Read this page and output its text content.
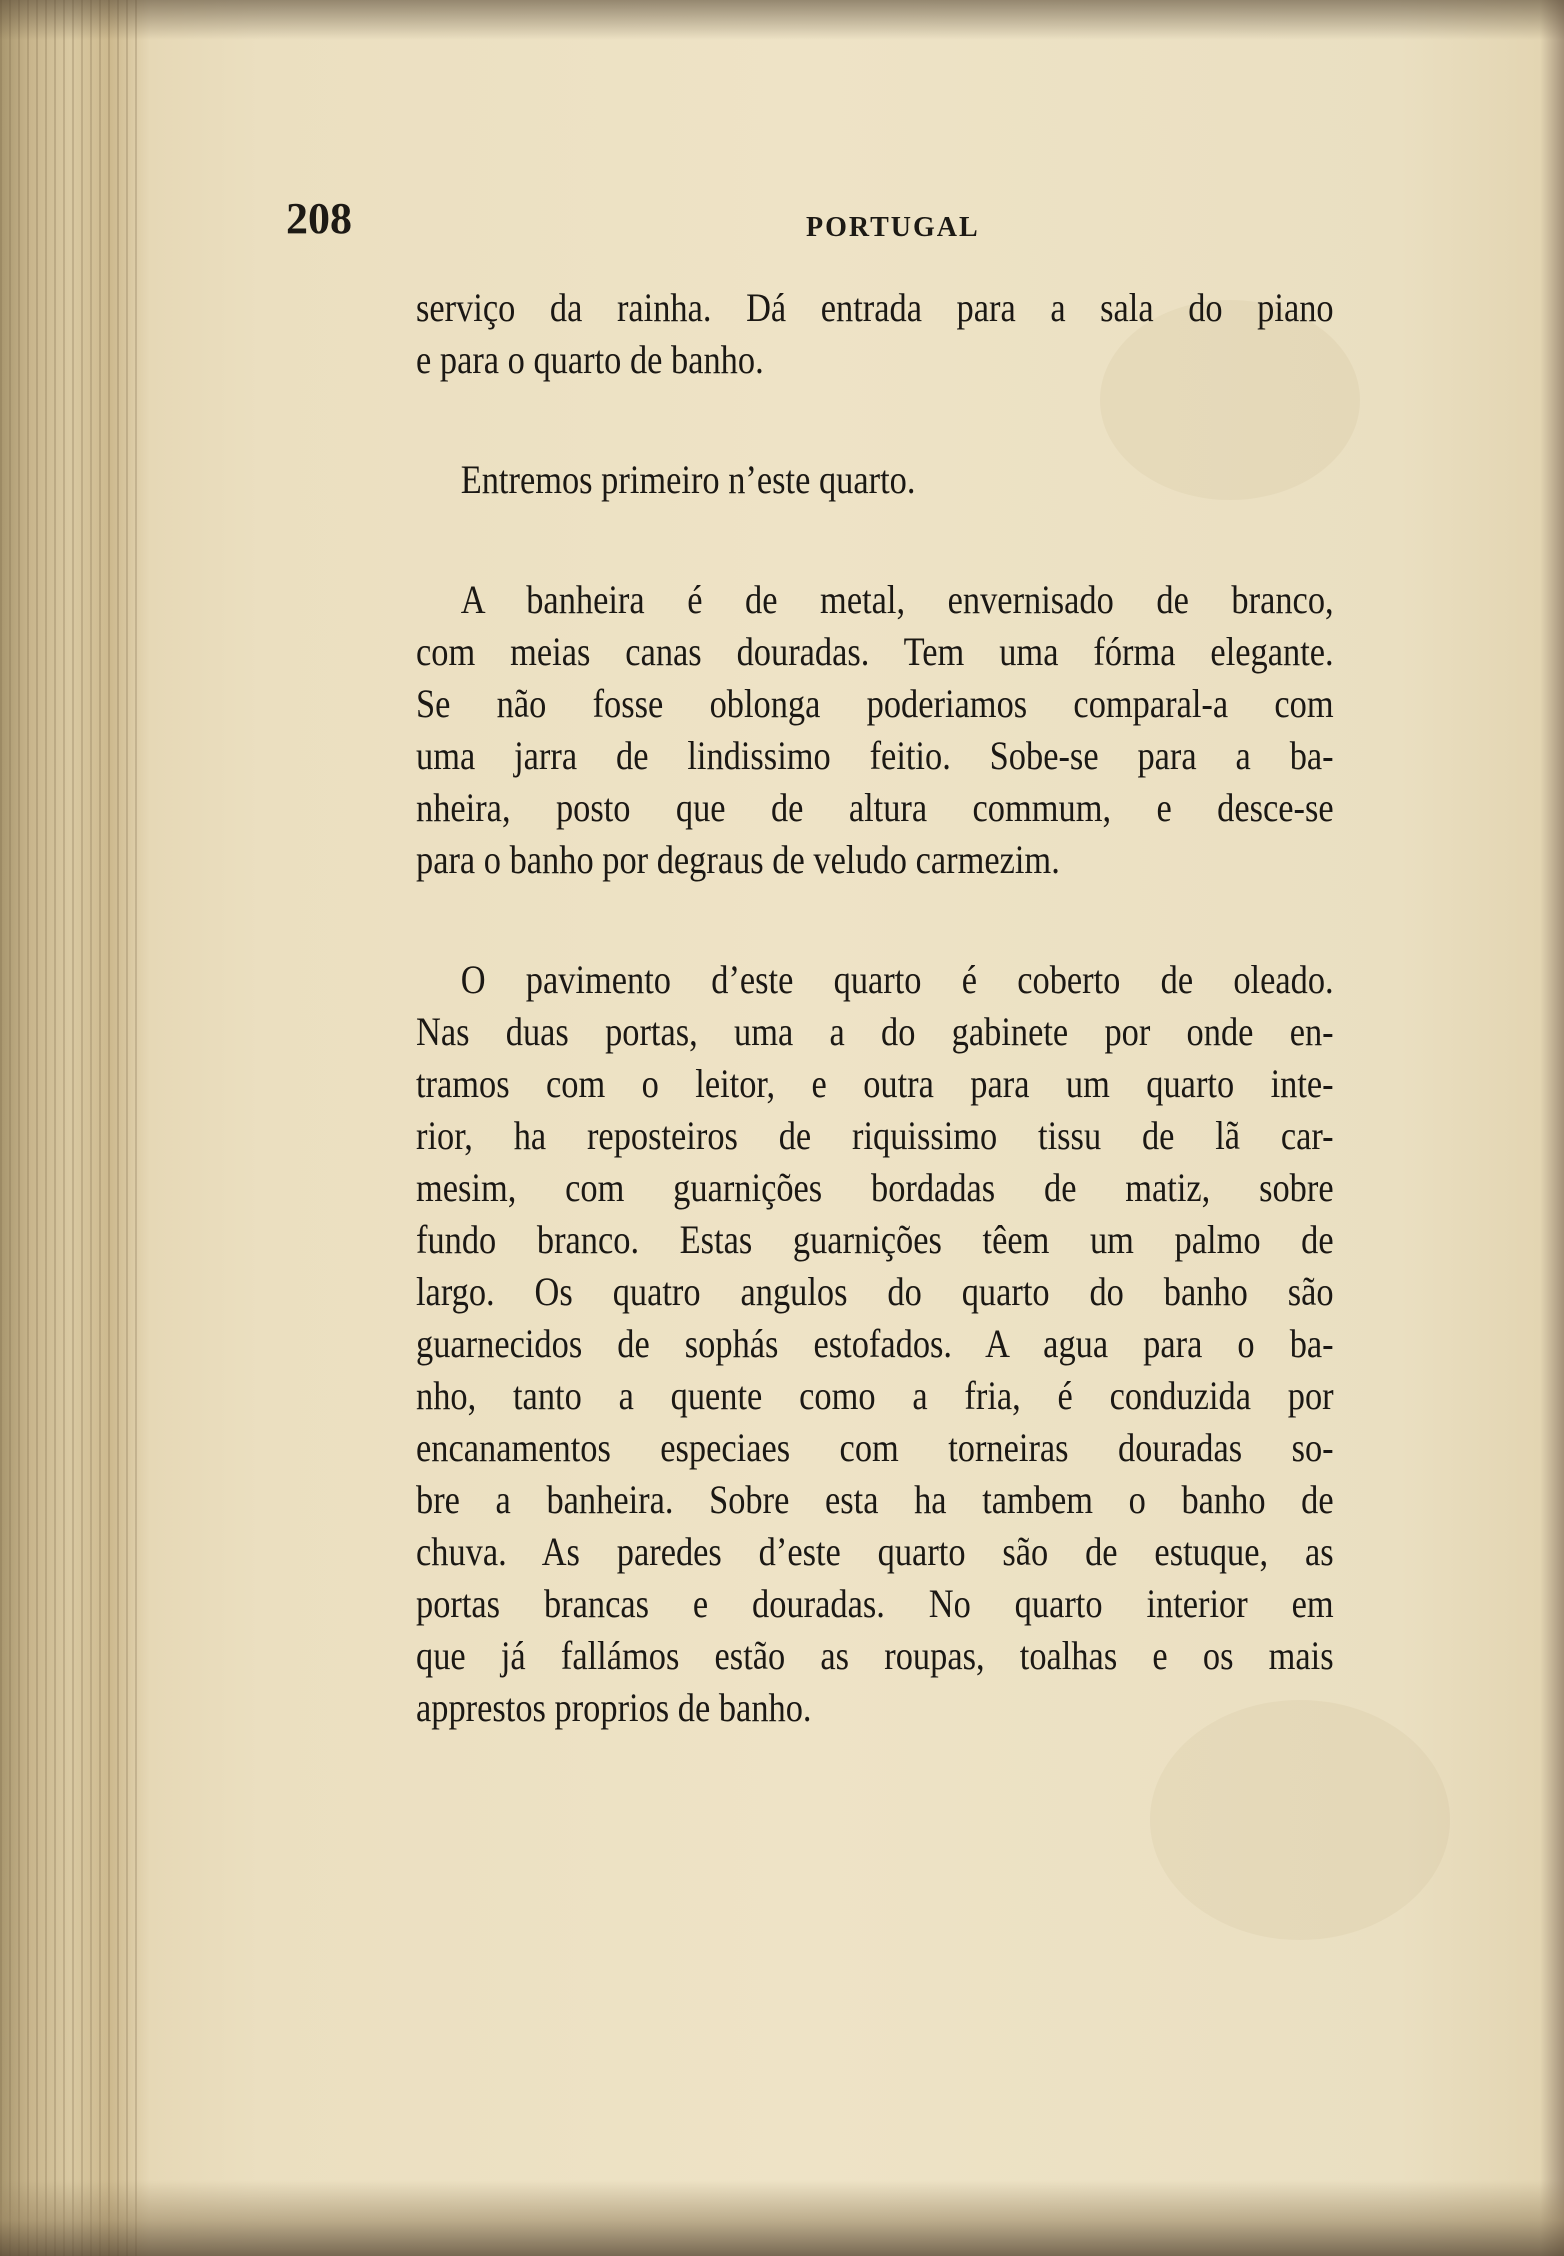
208	PORTUGAL
serviço da rainha. Dá entrada para a sala do piano
e para o quarto de banho.
Entremos primeiro n’este quarto.
A banheira é de metal, envernisado de branco,
com meias canas douradas. Tem uma fórma elegante.
Se não fosse oblonga poderiamos comparal-a com
uma jarra de lindissimo feitio. Sobe-se para a ba-
nheira, posto que de altura commum, e desce-se
para o banho por degraus de veludo carmezim.
O pavimento d’este quarto é coberto de oleado.
Nas duas portas, uma a do gabinete por onde en-
tramos com o leitor, e outra para um quarto inte-
rior, ha reposteiros de riquissimo tissu de lã car-
mesim, com guarnições bordadas de matiz, sobre
fundo branco. Estas guarnições têem um palmo de
largo. Os quatro angulos do quarto do banho são
guarnecidos de sophás estofados. A agua para o ba-
nho, tanto a quente como a fria, é conduzida por
encanamentos especiaes com torneiras douradas so-
bre a banheira. Sobre esta ha tambem o banho de
chuva. As paredes d’este quarto são de estuque, as
portas brancas e douradas. No quarto interior em
que já fallámos estão as roupas, toalhas e os mais
apprestos proprios de banho.
